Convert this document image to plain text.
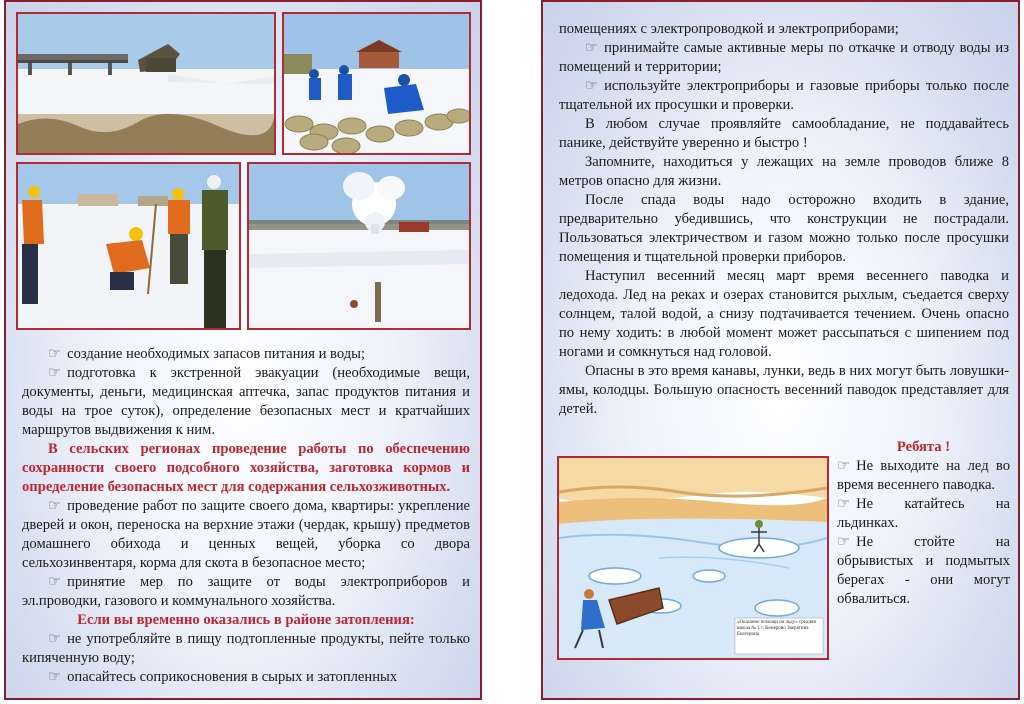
☞ создание необходимых запасов питания и воды;

☞ подготовка к экстренной эвакуации (необходимые вещи, документы, деньги, медицинская аптечка, запас продуктов питания и воды на трое суток), определение безопасных мест и кратчайших маршрутов выдвижения к ним.

В сельских регионах проведение работы по обеспечению сохранности своего подсобного хозяйства, заготовка кормов и определение безопасных мест для содержания сельхозживотных.

☞ проведение работ по защите своего дома, квартиры: укрепление дверей и окон, переноска на верхние этажи (чердак, крышу) предметов домашнего обихода и ценных вещей, уборка со двора сельхозинвентаря, корма для скота в безопасное место;

☞ принятие мер по защите от воды электроприборов и эл.проводки, газового и коммунального хозяйства.

Если вы временно оказались в районе затопления:

☞ не употребляйте в пищу подтопленные продукты, пейте только кипяченную воду;

☞ опасайтесь соприкосновения в сырых и затопленных

помещениях с электропроводкой и электроприборами;

☞ принимайте самые активные меры по откачке и отводу воды из помещений и территории;

☞ используйте электроприборы и газовые приборы только после тщательной их просушки и проверки.

В любом случае проявляйте самообладание, не поддавайтесь панике, действуйте уверенно и быстро !

Запомните, находиться у лежащих на земле проводов ближе 8 метров опасно для жизни.

После спада воды надо осторожно входить в здание, предварительно убедившись, что конструкции не пострадали. Пользоваться электричеством и газом можно только после просушки помещения и тщательной проверки приборов.

Наступил весенний месяц март время весеннего паводка и ледохода. Лед на реках и озерах становится рыхлым, съедается сверху солнцем, талой водой, а снизу подтачивается течением. Очень опасно по нему ходить: в любой момент может рассыпаться с шипением под ногами и сомкнуться над головой.

Опасны в это время канавы, лунки, ведь в них могут быть ловушки-ямы, колодцы. Большую опасность весенний паводок представляет для детей.

«Оказание помощи на льду» средняя школа № 1 г. Кемерово Зверягина Екатерина

Ребята !

☞ Не выходите на лед во время весеннего паводка.

☞ Не катайтесь на льдинках.

☞ Не стойте на обрывистых и подмытых берегах - они могут обвалиться.
